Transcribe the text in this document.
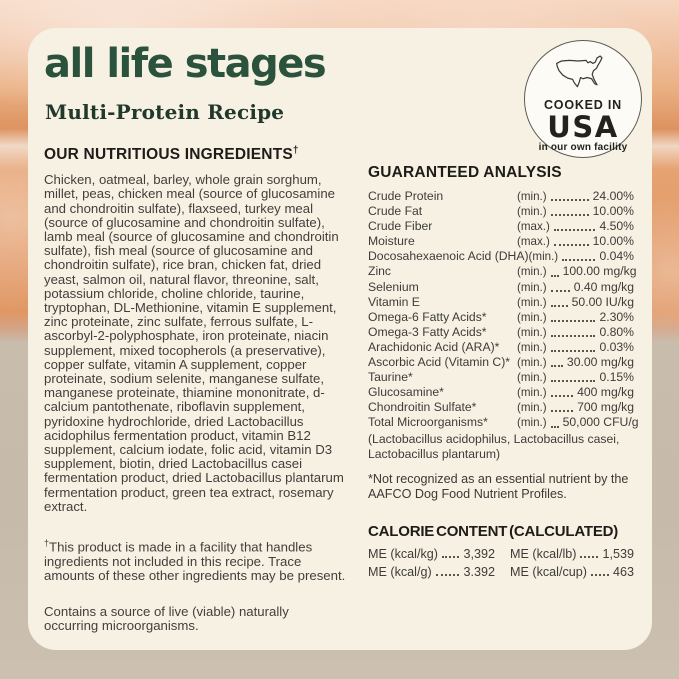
all life stages
Multi-Protein Recipe	COOKED IN
USA
in our own facility
OUR NUTRITIOUS INGREDIENTS†

Chicken, oatmeal, barley, whole grain sorghum, millet, peas, chicken meal (source of glucosamine and chondroitin sulfate), flaxseed, turkey meal (source of glucosamine and chondroitin sulfate), lamb meal (source of glucosamine and chondroitin sulfate), fish meal (source of glucosamine and chondroitin sulfate), rice bran, chicken fat, dried yeast, salmon oil, natural flavor, threonine, salt, potassium chloride, choline chloride, taurine, tryptophan, DL-Methionine, vitamin E supplement, zinc proteinate, zinc sulfate, ferrous sulfate, L-ascorbyl-2-polyphosphate, iron proteinate, niacin supplement, mixed tocopherols (a preservative), copper sulfate, vitamin A supplement, copper proteinate, sodium selenite, manganese sulfate, manganese proteinate, thiamine mononitrate, d-calcium pantothenate, riboflavin supplement, pyridoxine hydrochloride, dried Lactobacillus acidophilus fermentation product, vitamin B12 supplement, calcium iodate, folic acid, vitamin D3 supplement, biotin, dried Lactobacillus casei fermentation product, dried Lactobacillus plantarum fermentation product, green tea extract, rosemary extract.

†This product is made in a facility that handles ingredients not included in this recipe. Trace amounts of these other ingredients may be present.

Contains a source of live (viable) naturally occurring microorganisms.

GUARANTEED ANALYSIS
Crude Protein	(min.)	24.00%
Crude Fat	(min.)	10.00%
Crude Fiber	(max.)	4.50%
Moisture	(max.)	10.00%
Docosahexaenoic Acid (DHA) (min.)	0.04%
Zinc	(min.) 100.00 mg/kg
Selenium	(min.) 0.40 mg/kg
Vitamin E	(min.) 50.00 IU/kg
Omega-6 Fatty Acids*	(min.)	2.30%
Omega-3 Fatty Acids*	(min.)	0.80%
Arachidonic Acid (ARA)*	(min.)	0.03%
Ascorbic Acid (Vitamin C)* (min.) 30.00 mg/kg
Taurine*	(min.)	0.15%
Glucosamine*	(min.) 400 mg/kg
Chondroitin Sulfate*	(min.) 700 mg/kg
Total Microorganisms*	(min.) 50,000 CFU/g
(Lactobacillus acidophilus, Lactobacillus casei, Lactobacillus plantarum)
*Not recognized as an essential nutrient by the AAFCO Dog Food Nutrient Profiles.
CALORIE CONTENT (CALCULATED)
ME (kcal/kg) 3,392 ME (kcal/lb) 1,539
ME (kcal/g)	3.392 ME (kcal/cup) 463
